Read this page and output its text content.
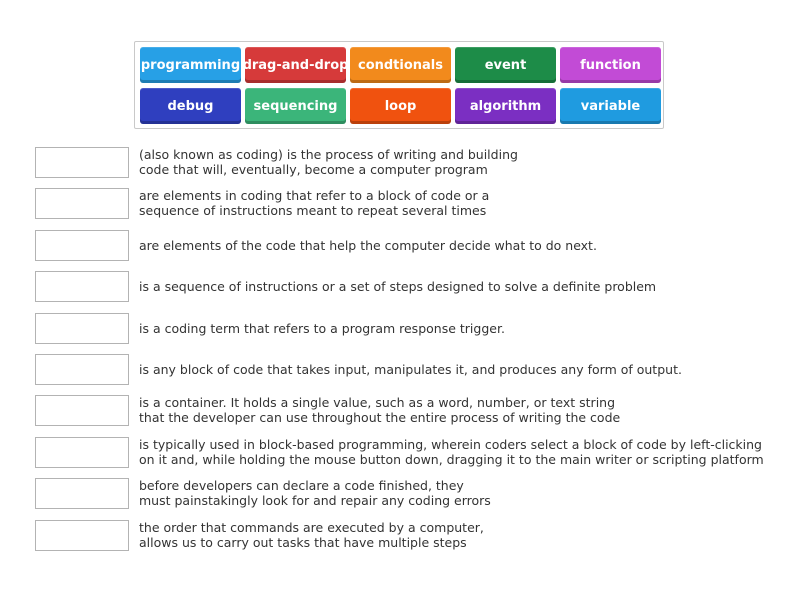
programming drag-and-drop condtionals	event	function
debug	sequencing	loop	algorithm	variable
(also known as coding) is the process of writing and building
code that will, eventually, become a computer program
are elements in coding that refer to a block of code or a
sequence of instructions meant to repeat several times
are elements of the code that help the computer decide what to do next.
is a sequence of instructions or a set of steps designed to solve a definite problem
is a coding term that refers to a program response trigger.
is any block of code that takes input, manipulates it, and produces any form of output.
is a container. It holds a single value, such as a word, number, or text string
that the developer can use throughout the entire process of writing the code
is typically used in block-based programming, wherein coders select a block of code by left-clicking
on it and, while holding the mouse button down, dragging it to the main writer or scripting platform
before developers can declare a code finished, they
must painstakingly look for and repair any coding errors
the order that commands are executed by a computer,
allows us to carry out tasks that have multiple steps
